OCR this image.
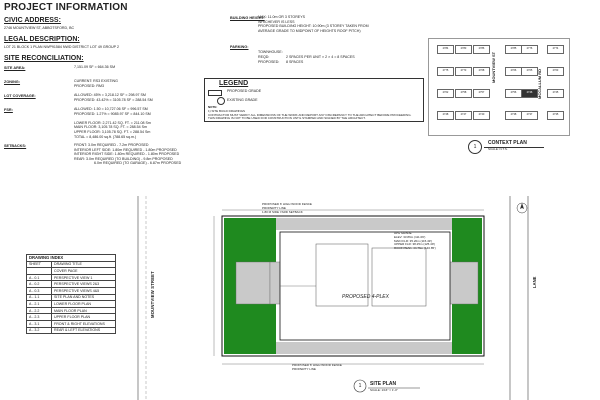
PROJECT INFORMATION
CIVIC ADDRESS:
2746 MOUNTVIEW ST, ABBOTSFORD, BC
LEGAL DESCRIPTION:
LOT 21 BLOCK 1 PLAN NWP91584 NWD DISTRICT LOT 49 GROUP 2
SITE RECONCILIATION:
SITE AREA:	7,151.09 SF = 664.36 SM
ZONING:	CURRENT: RS3 EXISTING
PROPOSED: RM3
LOT COVERAGE:	ALLOWED: 45% = 3,218.12 SF = 298.97 SM
PROPOSED: 43.42% = 3105.78 SF = 288.54 SM
FSR:	ALLOWED: 1.50 = 10,727.06 SF = 996.57 SM
PROPOSED: 1.27% = 9085.97 SF = 844.10 SM

LOWER FLOOR: 2,271.42 SQ. FT. = 211.08 Sm
MAIN FLOOR: 3,105.78 SQ. FT. = 288.54 Sm
UPPER FLOOR: 3,105.78 SQ. FT. = 288.54 Sm
TOTAL = 8,486.00 sq.ft. (788.65 sq.m.)
SETBACKS:	FRONT: 3.0m REQUIRED - 7.2m PROPOSED
INTERIOR LEFT SIDE: 1.80m REQUIRED - 1.80m PROPOSED
INTERIOR RIGHT SIDE: 1.80m REQUIRED - 1.80m PROPOSED
REAR: 3.0m REQUIRED (TO BUILDING) - 9.8m PROPOSED
6.0m REQUIRED (TO GARAGE) - 6.87m PROPOSED
BUILDING HEIGHT:
MAX: 11.0m OR 3 STOREYS
WHICHEVER IS LESS
PROPOSED BUILDING HEIGHT: 10.90m (3 STOREY TAKEN FROM
AVERAGE GRADE TO MIDPOINT OF HEIGHTS ROOF PITCH)
PARKING:
TOWNHOUSE:
REQD:	2 SPACES PER UNIT × 2 × 4 = 8 SPACES
PROPOSED: 8 SPACES
LEGEND
PROPOSED GRADE
EXISTING GRADE
NOTE:
1) SITE BUILD DRAWINGS
CONTRACTOR MUST VERIFY ALL DIMENSIONS OF THE WORK AND REPORT ANY DISCREPANCY TO THE ARCHITECT BEFORE PROCEEDING.
THIS DRAWING IS NOT TO BE USED FOR CONSTRUCTION UNTIL STAMPED AND SIGNED BY THE ARCHITECT.
2784	2783	2786	2785	2776	2774
2775	2773	2768	2766	2765	2763
2762	2758	2757	2756	2746	2745
2748	2747	2740	2738	2737	2735
MOUNTVIEW ST
MCCALLUM RD
1
CONTEXT PLAN
SCALE: N.T.S.
DRAWING INDEX	
SHEET	DRAWING TITLE
	COVER PAGE
A - 0.1	PERSPECTIVE VIEW 1
A - 0.2	PERSPECTIVE VIEWS 2&3
A - 0.3	PERSPECTIVE VIEWS 4&5
A - 1.1	SITE PLAN AND NOTES
A - 2.1	LOWER FLOOR PLAN
A - 2.2	MAIN FLOOR PLAN
A - 2.3	UPPER FLOOR PLAN
A - 3.1	FRONT & RIGHT ELEVATIONS
A - 3.2	REAR & LEFT ELEVATIONS
MOUNTVIEW STREET	LANE
PROPOSED 4-PLEX
PROPOSED 6' HIGH WOOD FENCE
PROPERTY LINE
1.80 M SIDE YARD SETBACK
PROPOSED 6' HIGH WOOD FENCE
PROPERTY LINE
AVG GRADE
ELEV: 33.86m (111.09')
MAIN FLR: 35.20m (115.49')
UPPER FLR: 38.25m (125.49')
ROOF PEAK: 44.76m (146.85')
1	SITE PLAN
SCALE: 1/16" = 1'-0"
